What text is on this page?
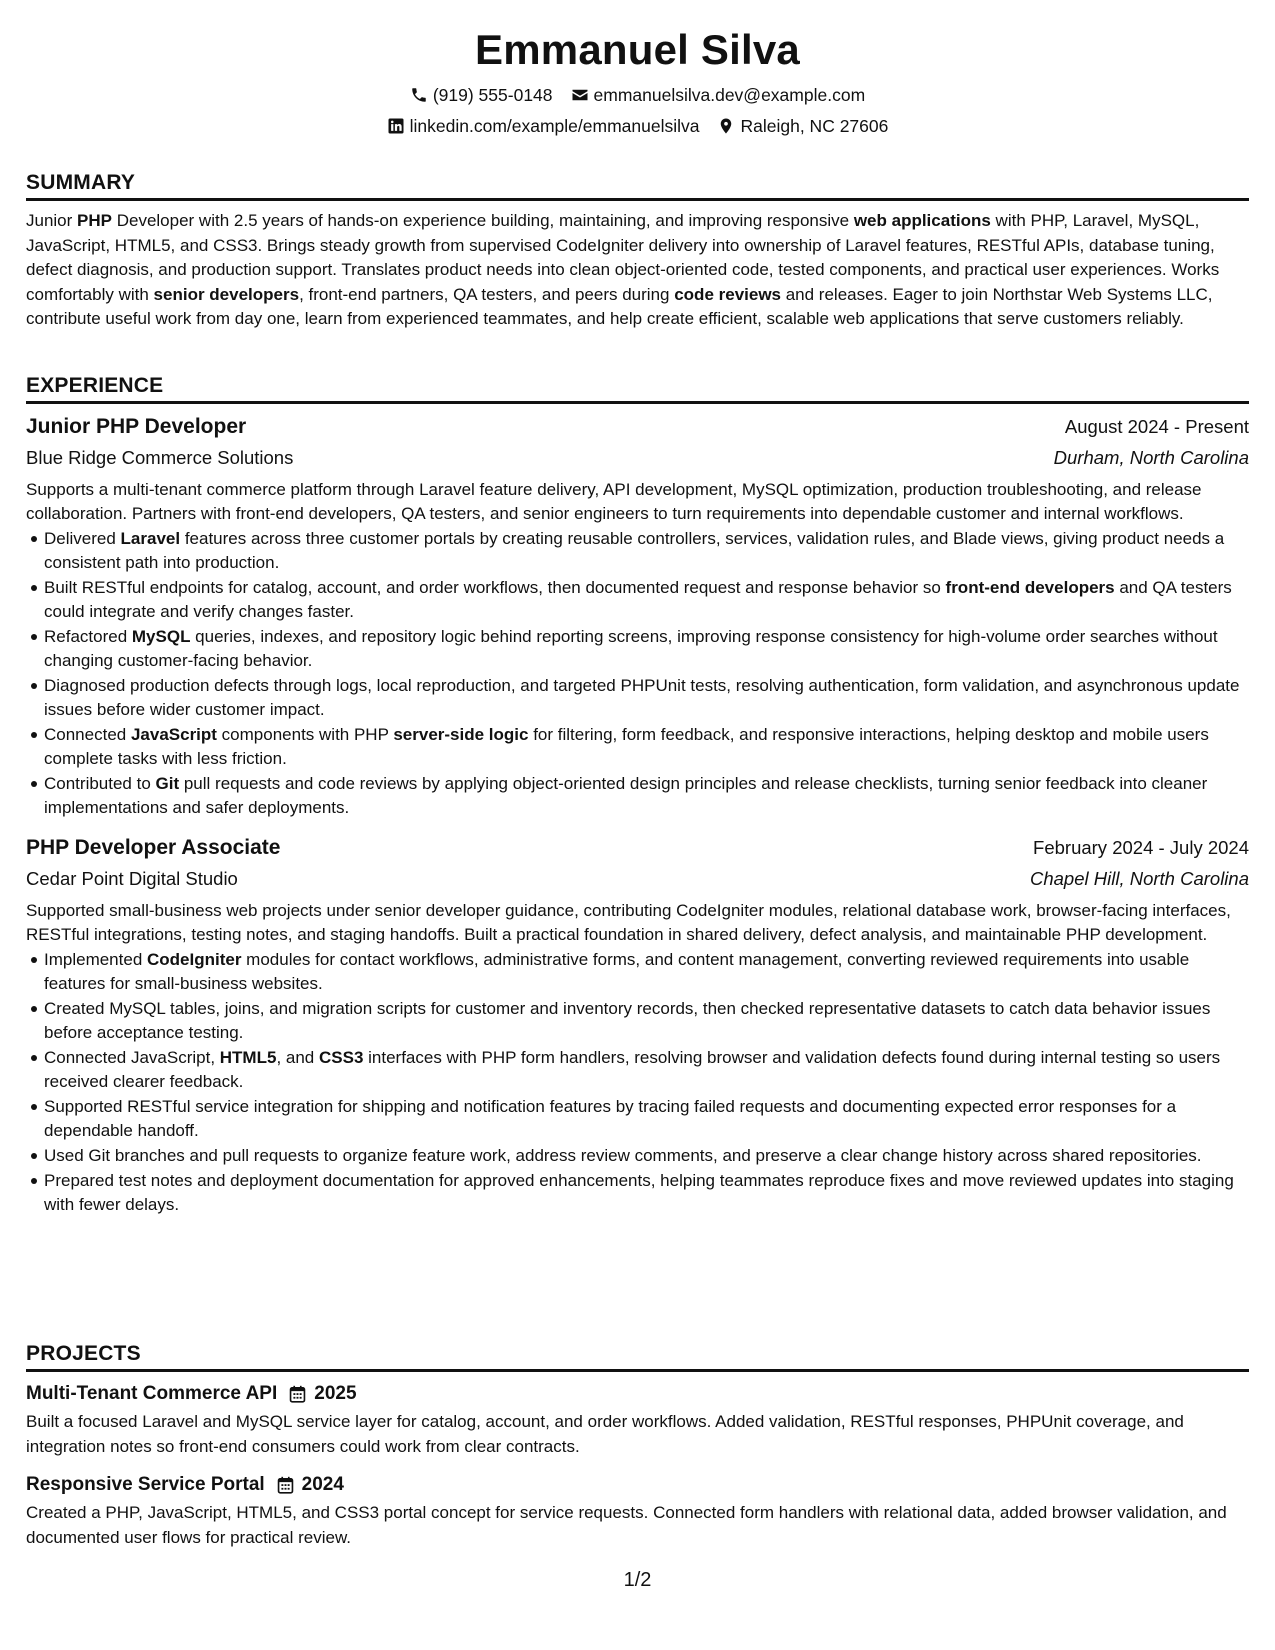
Emmanuel Silva
(919) 555-0148 emmanuelsilva.dev@example.com
linkedin.com/example/emmanuelsilva Raleigh, NC 27606
SUMMARY
Junior PHP Developer with 2.5 years of hands-on experience building, maintaining, and improving responsive web applications with PHP, Laravel, MySQL, JavaScript, HTML5, and CSS3. Brings steady growth from supervised CodeIgniter delivery into ownership of Laravel features, RESTful APIs, database tuning, defect diagnosis, and production support. Translates product needs into clean object-oriented code, tested components, and practical user experiences. Works comfortably with senior developers, front-end partners, QA testers, and peers during code reviews and releases. Eager to join Northstar Web Systems LLC, contribute useful work from day one, learn from experienced teammates, and help create efficient, scalable web applications that serve customers reliably.
EXPERIENCE
Junior PHP Developer	August 2024 - Present
Blue Ridge Commerce Solutions	Durham, North Carolina
Supports a multi-tenant commerce platform through Laravel feature delivery, API development, MySQL optimization, production troubleshooting, and release collaboration. Partners with front-end developers, QA testers, and senior engineers to turn requirements into dependable customer and internal workflows.
Delivered Laravel features across three customer portals by creating reusable controllers, services, validation rules, and Blade views, giving product needs a consistent path into production.
Built RESTful endpoints for catalog, account, and order workflows, then documented request and response behavior so front-end developers and QA testers could integrate and verify changes faster.
Refactored MySQL queries, indexes, and repository logic behind reporting screens, improving response consistency for high-volume order searches without changing customer-facing behavior.
Diagnosed production defects through logs, local reproduction, and targeted PHPUnit tests, resolving authentication, form validation, and asynchronous update issues before wider customer impact.
Connected JavaScript components with PHP server-side logic for filtering, form feedback, and responsive interactions, helping desktop and mobile users complete tasks with less friction.
Contributed to Git pull requests and code reviews by applying object-oriented design principles and release checklists, turning senior feedback into cleaner implementations and safer deployments.
PHP Developer Associate	February 2024 - July 2024
Cedar Point Digital Studio	Chapel Hill, North Carolina
Supported small-business web projects under senior developer guidance, contributing CodeIgniter modules, relational database work, browser-facing interfaces, RESTful integrations, testing notes, and staging handoffs. Built a practical foundation in shared delivery, defect analysis, and maintainable PHP development.
Implemented CodeIgniter modules for contact workflows, administrative forms, and content management, converting reviewed requirements into usable features for small-business websites.
Created MySQL tables, joins, and migration scripts for customer and inventory records, then checked representative datasets to catch data behavior issues before acceptance testing.
Connected JavaScript, HTML5, and CSS3 interfaces with PHP form handlers, resolving browser and validation defects found during internal testing so users received clearer feedback.
Supported RESTful service integration for shipping and notification features by tracing failed requests and documenting expected error responses for a dependable handoff.
Used Git branches and pull requests to organize feature work, address review comments, and preserve a clear change history across shared repositories.
Prepared test notes and deployment documentation for approved enhancements, helping teammates reproduce fixes and move reviewed updates into staging with fewer delays.
PROJECTS
Multi-Tenant Commerce API 2025
Built a focused Laravel and MySQL service layer for catalog, account, and order workflows. Added validation, RESTful responses, PHPUnit coverage, and integration notes so front-end consumers could work from clear contracts.
Responsive Service Portal 2024
Created a PHP, JavaScript, HTML5, and CSS3 portal concept for service requests. Connected form handlers with relational data, added browser validation, and documented user flows for practical review.
1/2
